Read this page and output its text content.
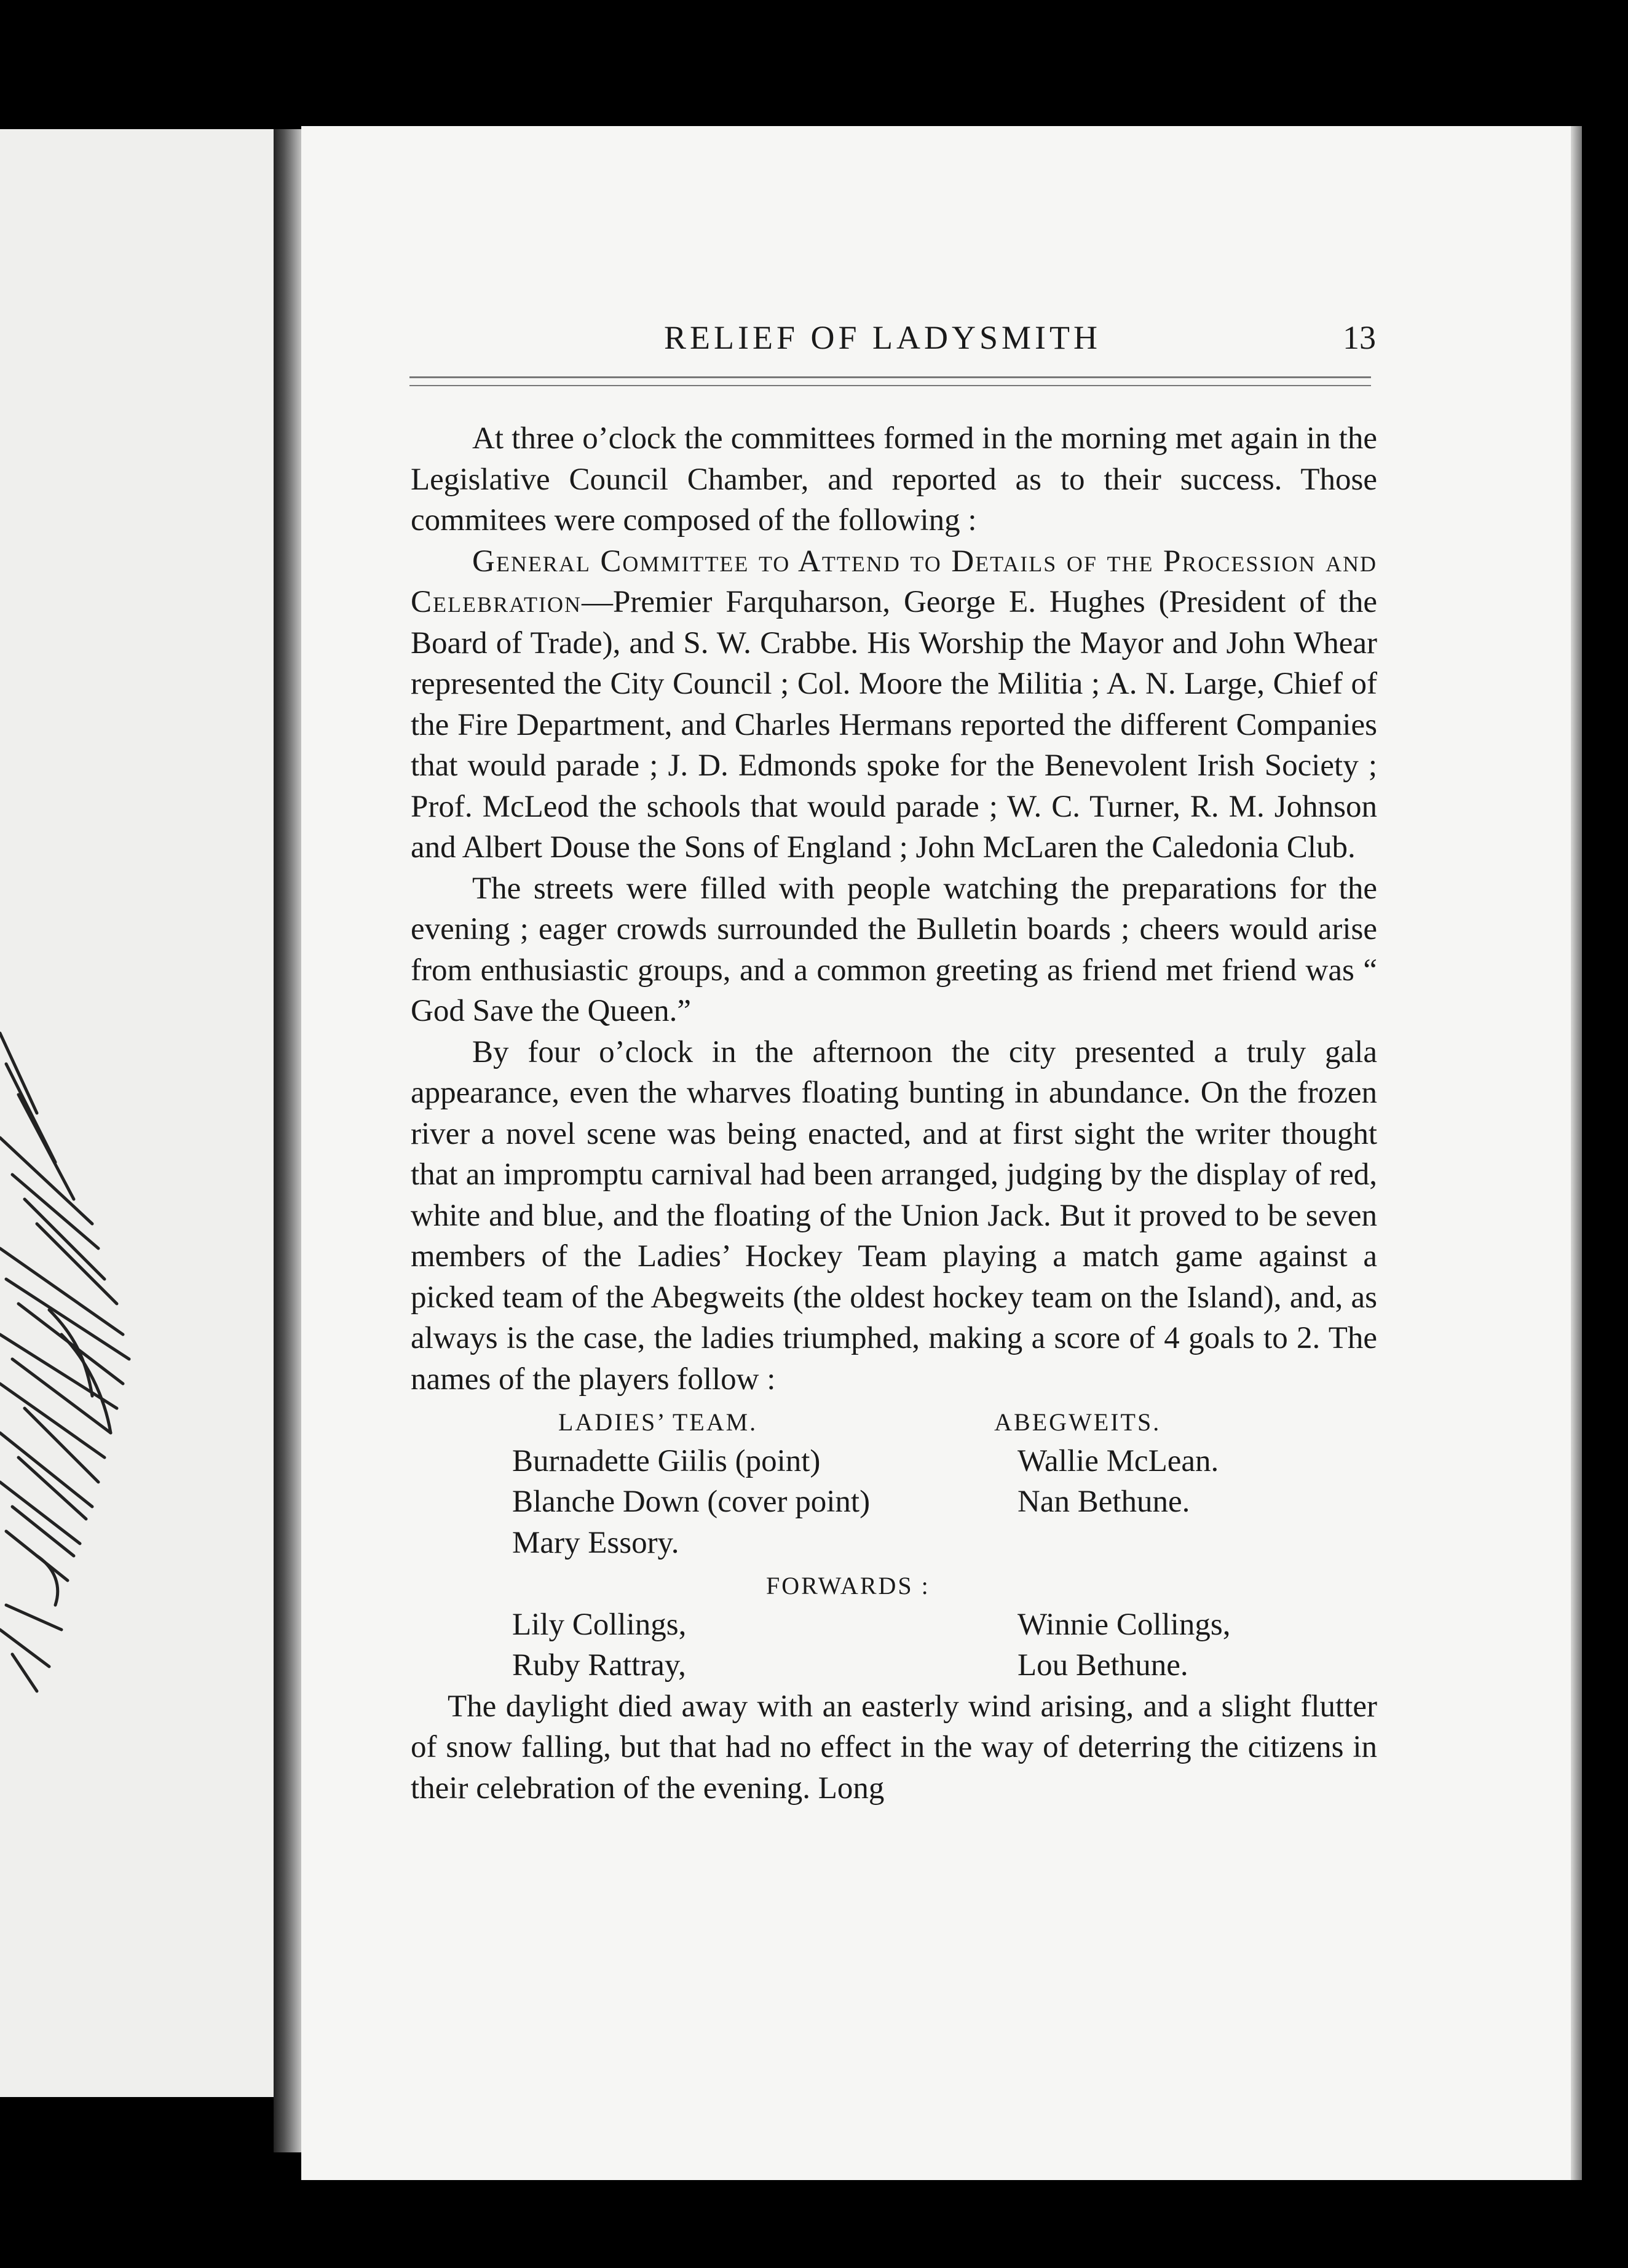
RELIEF OF LADYSMITH	13

At three o’clock the committees formed in the morning met again in the Legislative Council Chamber, and reported as to their success. Those commitees were composed of the following :

General Committee to Attend to Details of the Procession and Celebration—Premier Farquharson, George E. Hughes (President of the Board of Trade), and S. W. Crabbe. His Worship the Mayor and John Whear represented the City Council ; Col. Moore the Militia ; A. N. Large, Chief of the Fire Department, and Charles Hermans reported the different Companies that would parade ; J. D. Edmonds spoke for the Benevolent Irish Society ; Prof. McLeod the schools that would parade ; W. C. Turner, R. M. Johnson and Albert Douse the Sons of England ; John McLaren the Caledonia Club.

The streets were filled with people watching the preparations for the evening ; eager crowds surrounded the Bulletin boards ; cheers would arise from enthusiastic groups, and a common greeting as friend met friend was “ God Save the Queen.”

By four o’clock in the afternoon the city presented a truly gala appearance, even the wharves floating bunting in abundance. On the frozen river a novel scene was being enacted, and at first sight the writer thought that an impromptu carnival had been arranged, judging by the display of red, white and blue, and the floating of the Union Jack. But it proved to be seven members of the Ladies’ Hockey Team playing a match game against a picked team of the Abegweits (the oldest hockey team on the Island), and, as always is the case, the ladies triumphed, making a score of 4 goals to 2. The names of the players follow :

LADIES’ TEAM.	ABEGWEITS.
Burnadette Giilis (point)	Wallie McLean.
Blanche Down (cover point)	Nan Bethune.
Mary Essory.
FORWARDS :
Lily Collings,	Winnie Collings,
Ruby Rattray,	Lou Bethune.

The daylight died away with an easterly wind arising, and a slight flutter of snow falling, but that had no effect in the way of deterring the citizens in their celebration of the evening. Long
